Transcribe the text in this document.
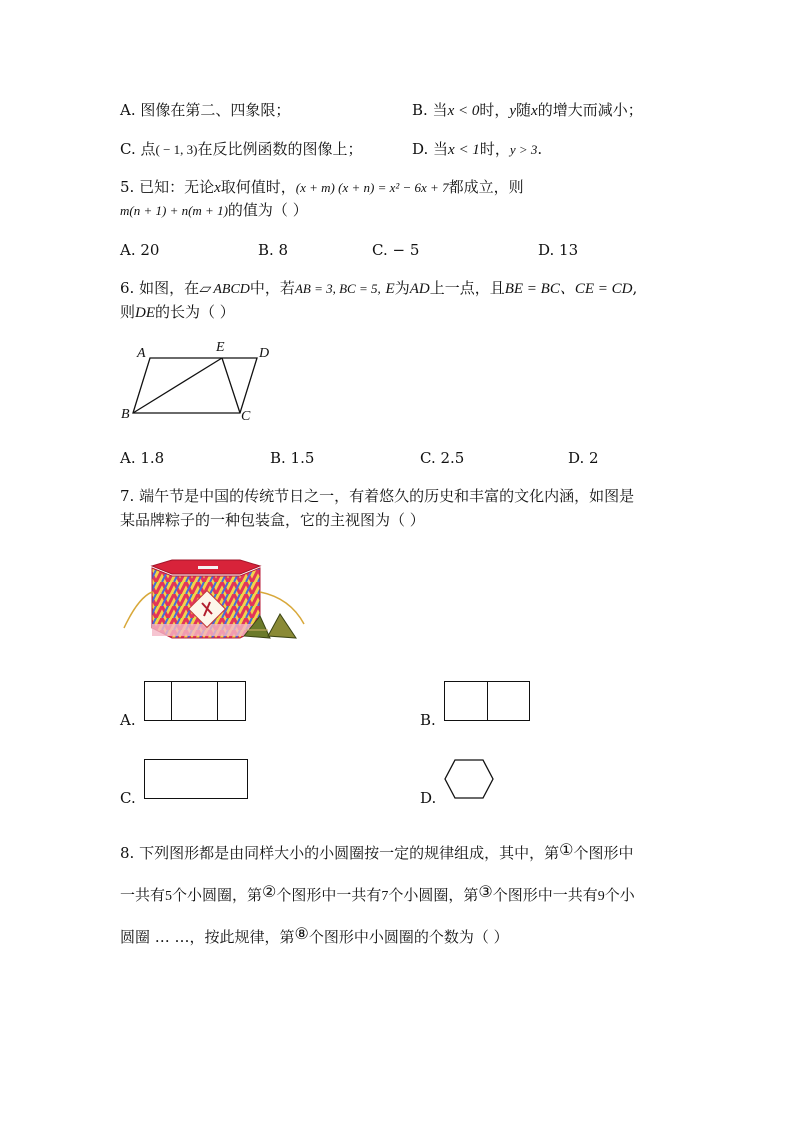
A. 图像在第二、四象限；	B. 当x < 0时，y随x的增大而减小；
C. 点( − 1, 3)在反比例函数的图像上；	D. 当x < 1时，y > 3.
5. 已知：无论x取何值时，(x + m) (x + n) = x² − 6x + 7都成立，则
m(n + 1) + n(m + 1)的值为（ ）
A. 20	B. 8	C. − 5	D. 13
6. 如图，在▱ ABCD中，若AB = 3, BC = 5, E为AD上一点，且BE = BC、CE = CD,
则DE的长为（ ）
A	E D
B	C
A. 1.8	B. 1.5	C. 2.5	D. 2
7. 端午节是中国的传统节日之一，有着悠久的历史和丰富的文化内涵，如图是
某品牌粽子的一种包装盒，它的主视图为（ ）
A.	B.
C.	D.
8. 下列图形都是由同样大小的小圆圈按一定的规律组成，其中，第①个图形中
一共有5个小圆圈，第②个图形中一共有7个小圆圈，第③个图形中一共有9个小
圆圈 … …，按此规律，第⑧个图形中小圆圈的个数为（ ）
